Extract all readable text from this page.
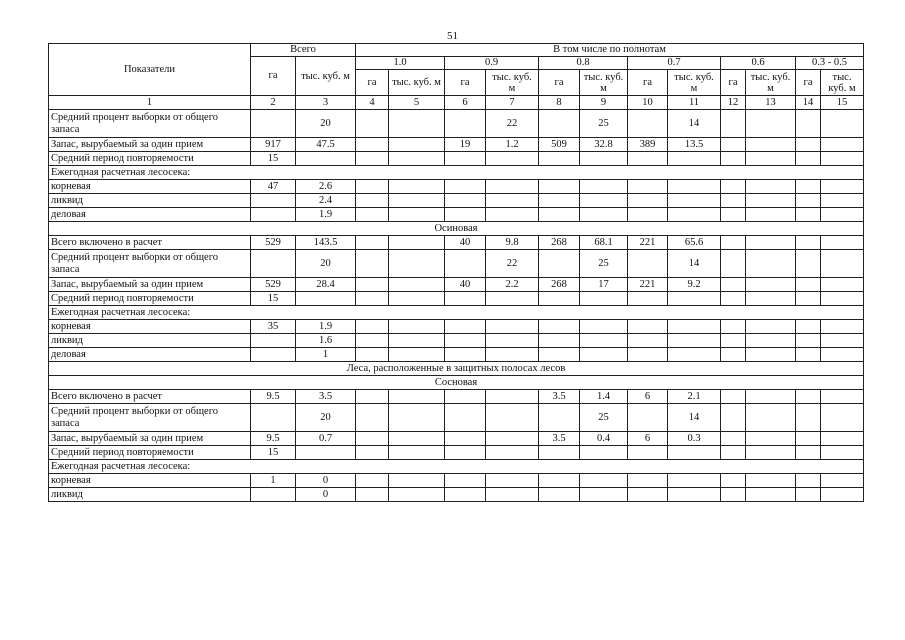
51
Показатели	Всего		В том числе по полнотам											
	га	тыс. куб. м	1.0		0.9		0.8		0.7		0.6		0.3 - 0.5	
			га	тыс. куб. м	га	тыс. куб. м	га	тыс. куб. м	га	тыс. куб. м	га	тыс. куб. м	га	тыс. куб. м
1	2	3	4	5	6	7	8	9	10	11	12	13	14	15
Средний процент выборки от общего запаса		20				22		25		14				
Запас, вырубаемый за один прием	917	47.5			19	1.2	509	32.8	389	13.5				
Средний период повторяемости	15													
Ежегодная расчетная лесосека:														
корневая	47	2.6												
ликвид		2.4												
деловая		1.9												
Осиновая														
Всего включено в расчет	529	143.5			40	9.8	268	68.1	221	65.6				
Средний процент выборки от общего запаса		20				22		25		14				
Запас, вырубаемый за один прием	529	28.4			40	2.2	268	17	221	9.2				
Средний период повторяемости	15													
Ежегодная расчетная лесосека:														
корневая	35	1.9												
ликвид		1.6												
деловая		1												
Леса, расположенные в защитных полосах лесов														
Сосновая														
Всего включено в расчет	9.5	3.5					3.5	1.4	6	2.1				
Средний процент выборки от общего запаса		20						25		14				
Запас, вырубаемый за один прием	9.5	0.7					3.5	0.4	6	0.3				
Средний период повторяемости	15													
Ежегодная расчетная лесосека:														
корневая	1	0												
ликвид		0												
